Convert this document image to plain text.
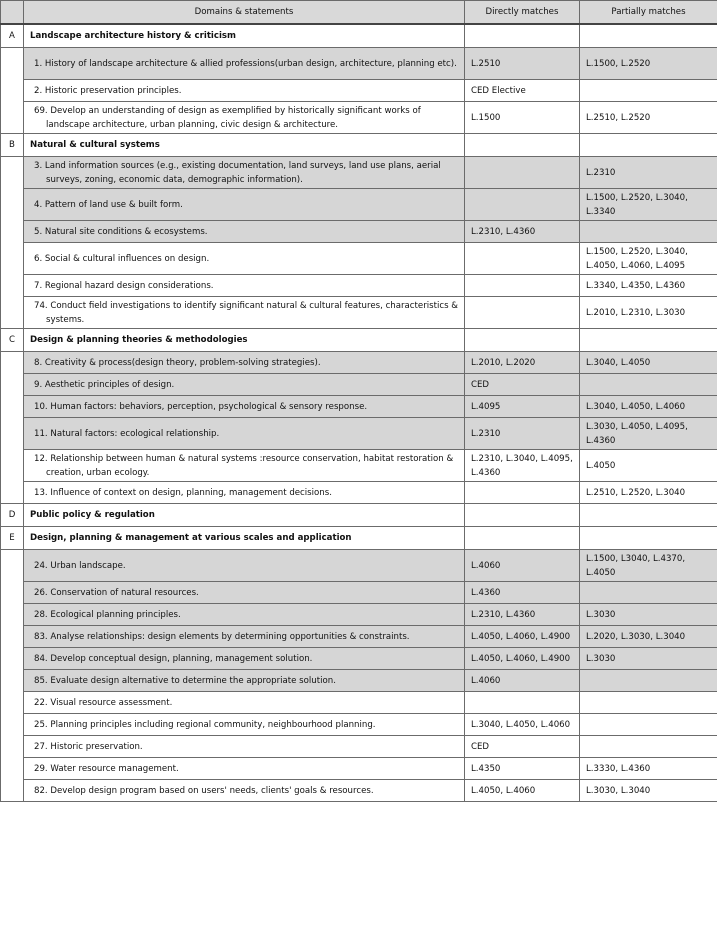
	Domains & statements	Directly matches	Partially matches
A	Landscape architecture history & criticism		

	1. History of landscape architecture & allied professions(urban design, architecture, planning etc).	L.2510	L.1500, L.2520

	2. Historic preservation principles.	CED Elective	

	69. Develop an understanding of design as exemplified by historically significant works of landscape architecture, urban planning, civic design & architecture.	L.1500	L.2510, L.2520
B	Natural & cultural systems		

	3. Land information sources (e.g., existing documentation, land surveys, land use plans, aerial surveys, zoning, economic data, demographic information).		L.2310

	4. Pattern of land use & built form.		L.1500, L.2520, L.3040, L.3340

	5. Natural site conditions & ecosystems.	L.2310, L.4360	

	6. Social & cultural influences on design.		L.1500, L.2520, L.3040, L.4050, L.4060, L.4095

	7. Regional hazard design considerations.		L.3340, L.4350, L.4360

	74. Conduct field investigations to identify significant natural & cultural features, characteristics & systems.		L.2010, L.2310, L.3030
C	Design & planning theories & methodologies		

	8. Creativity & process(design theory, problem-solving strategies).	L.2010, L.2020	L.3040, L.4050

	9. Aesthetic principles of design.	CED	

	10. Human factors: behaviors, perception, psychological & sensory response.	L.4095	L.3040, L.4050, L.4060

	11. Natural factors: ecological relationship.	L.2310	L.3030, L.4050, L.4095, L.4360

	12. Relationship between human & natural systems :resource conservation, habitat restoration & creation, urban ecology.	L.2310, L.3040, L.4095, L.4360	L.4050

	13. Influence of context on design, planning, management decisions.		L.2510, L.2520, L.3040
D	Public policy & regulation		
E	Design, planning & management at various scales and application		

	24. Urban landscape.	L.4060	L.1500, L3040, L.4370, L.4050

	26. Conservation of natural resources.	L.4360	

	28. Ecological planning principles.	L.2310, L.4360	L.3030

	83. Analyse relationships: design elements by determining opportunities & constraints.	L.4050, L.4060, L.4900	L.2020, L.3030, L.3040

	84. Develop conceptual design, planning, management solution.	L.4050, L.4060, L.4900	L.3030

	85. Evaluate design alternative to determine the appropriate solution.	L.4060	

	22. Visual resource assessment.		

	25. Planning principles including regional community, neighbourhood planning.	L.3040, L.4050, L.4060	

	27. Historic preservation.	CED	

	29. Water resource management.	L.4350	L.3330, L.4360

	82. Develop design program based on users' needs, clients' goals & resources.	L.4050, L.4060	L.3030, L.3040
